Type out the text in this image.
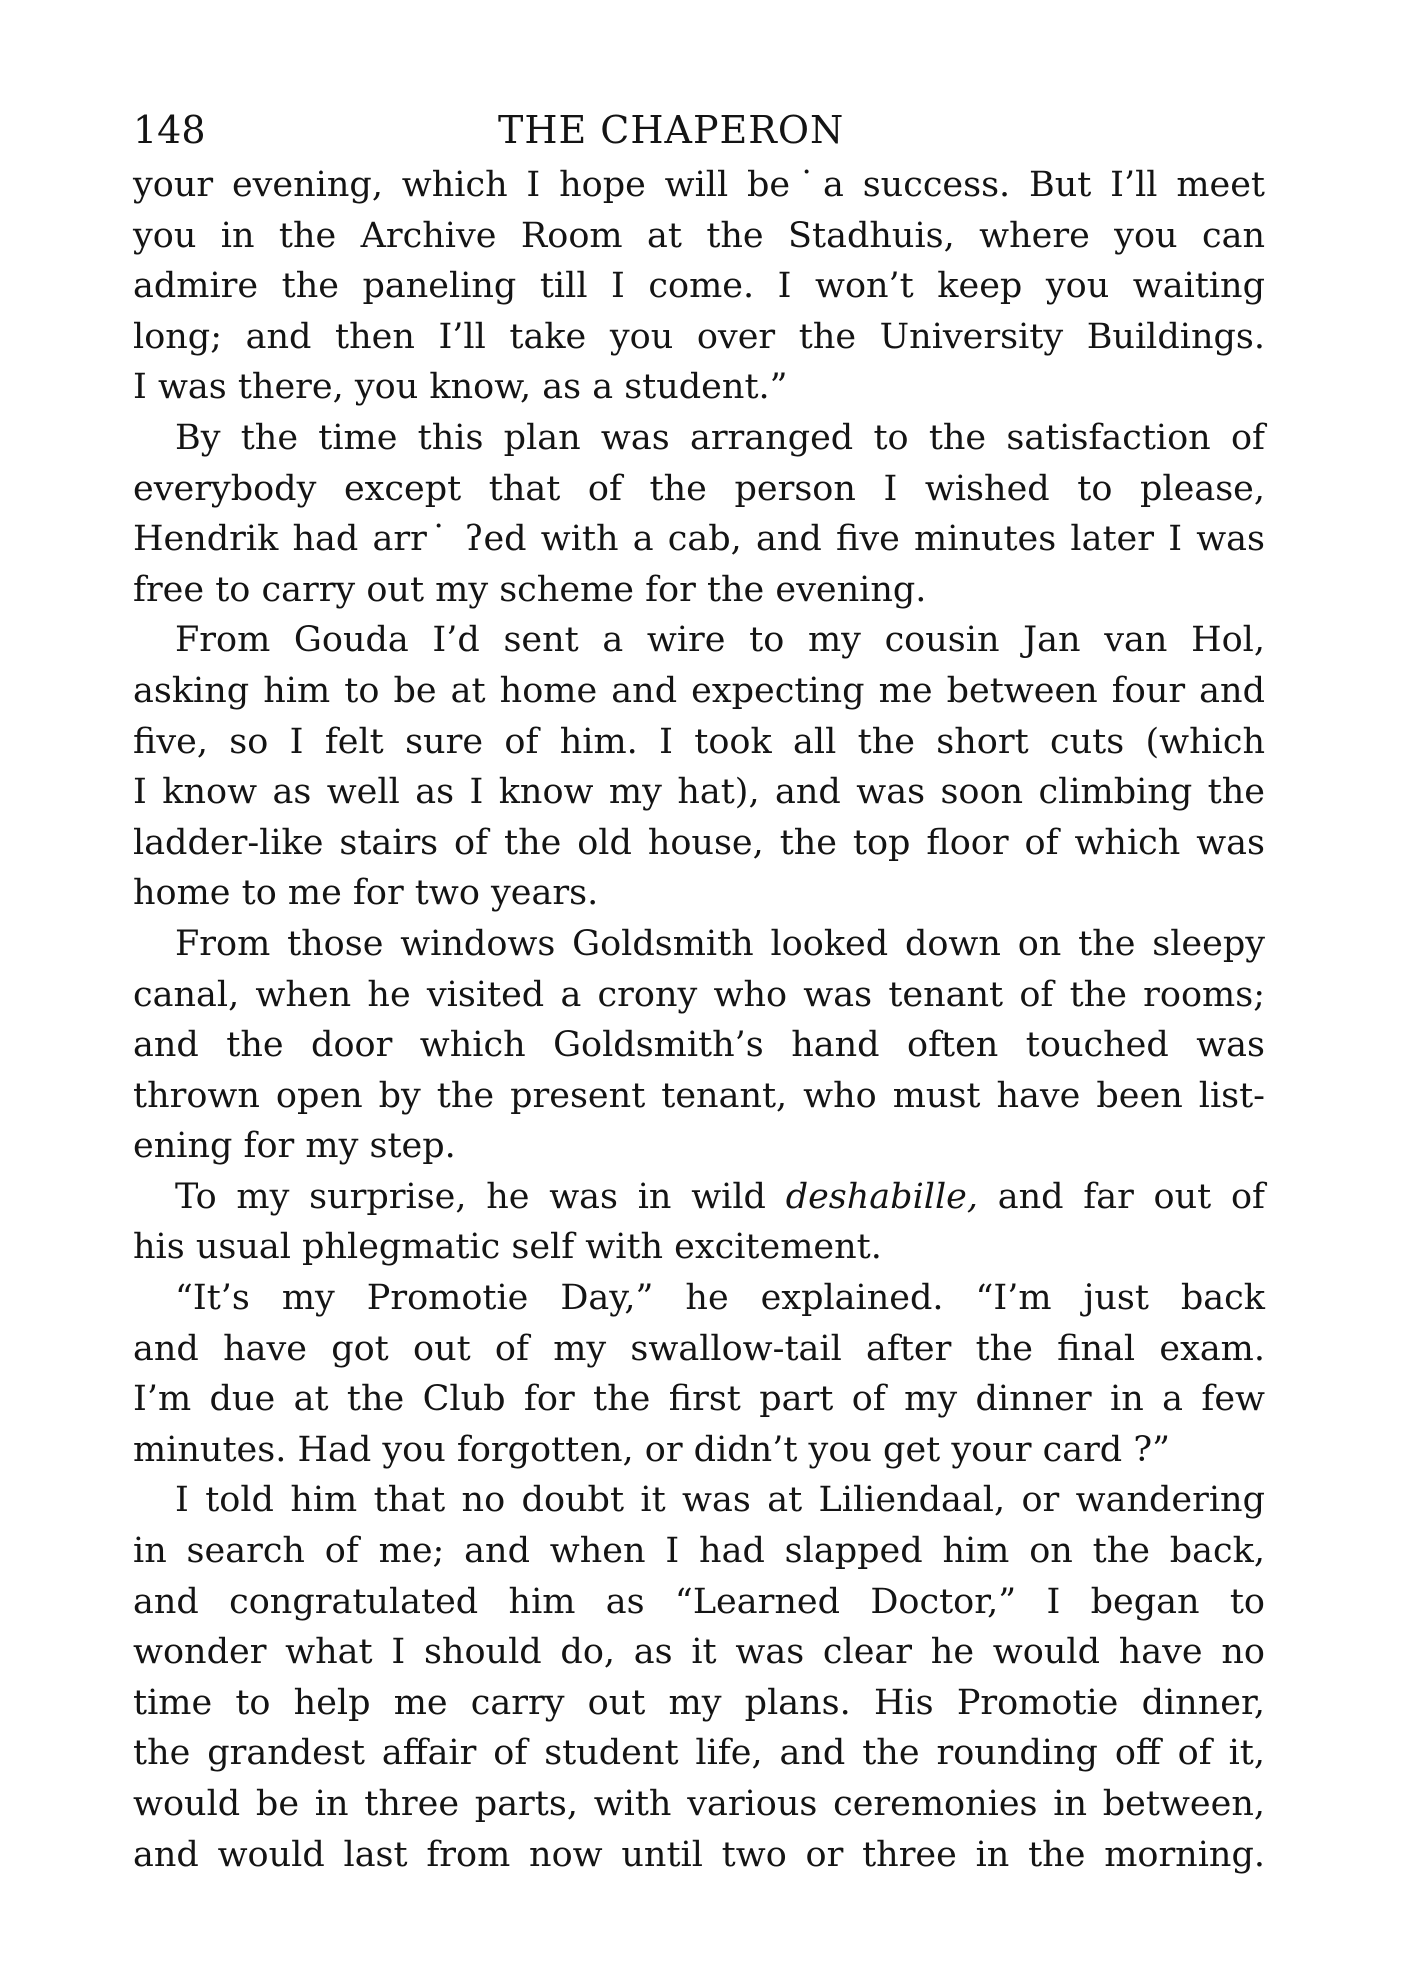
148	THE CHAPERON
your evening, which I hope will be˙a success. But I’ll meet
you in the Archive Room at the Stadhuis, where you can
admire the paneling till I come. I won’t keep you waiting
long; and then I’ll take you over the University Buildings.
I was there, you know, as a student.”
By the time this plan was arranged to the satisfaction of
everybody except that of the person I wished to please,
Hendrik had arr˙ ʔed with a cab, and five minutes later I was
free to carry out my scheme for the evening.
From Gouda I’d sent a wire to my cousin Jan van Hol,
asking him to be at home and expecting me between four and
five, so I felt sure of him. I took all the short cuts (which
I know as well as I know my hat), and was soon climbing the
ladder-like stairs of the old house, the top floor of which was
home to me for two years.
From those windows Goldsmith looked down on the sleepy
canal, when he visited a crony who was tenant of the rooms;
and the door which Goldsmith’s hand often touched was
thrown open by the present tenant, who must have been list-
ening for my step.
To my surprise, he was in wild deshabille, and far out of
his usual phlegmatic self with excitement.
“It’s my Promotie Day,” he explained. “I’m just back
and have got out of my swallow-tail after the final exam.
I’m due at the Club for the first part of my dinner in a few
minutes. Had you forgotten, or didn’t you get your card ?”
I told him that no doubt it was at Liliendaal, or wandering
in search of me; and when I had slapped him on the back,
and congratulated him as “Learned Doctor,” I began to
wonder what I should do, as it was clear he would have no
time to help me carry out my plans. His Promotie dinner,
the grandest affair of student life, and the rounding off of it,
would be in three parts, with various ceremonies in between,
and would last from now until two or three in the morning.
